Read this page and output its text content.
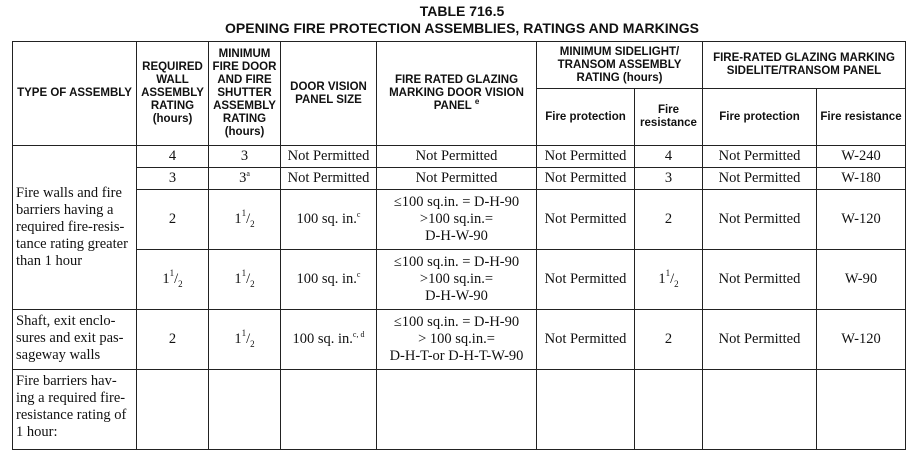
TABLE 716.5
OPENING FIRE PROTECTION ASSEMBLIES, RATINGS AND MARKINGS
TYPE OF ASSEMBLY	REQUIRED WALL ASSEMBLY RATING (hours)	MINIMUM FIRE DOOR AND FIRE SHUTTER ASSEMBLY RATING (hours)	DOOR VISION PANEL SIZE	FIRE RATED GLAZING MARKING DOOR VISION PANEL $^e$	MINIMUM SIDELIGHT/ TRANSOM ASSEMBLY RATING (hours)		FIRE-RATED GLAZING MARKING SIDELITE/TRANSOM PANEL	
					Fire protection	Fire resistance	Fire protection	Fire resistance
Fire walls and fire barriers having a required fire-resis-tance rating greater than 1 hour	4	3	Not Permitted	Not Permitted	Not Permitted	4	Not Permitted	W-240
	3	3$^a$	Not Permitted	Not Permitted	Not Permitted	3	Not Permitted	W-180
	2	$1^1/_2$	100 sq. in.$^c$	≤100 sq.in. = D-H-90
>100 sq.in.=
D-H-W-90	Not Permitted	2	Not Permitted	W-120
	$1^1/_2$	$1^1/_2$	100 sq. in.$^c$	≤100 sq.in. = D-H-90
>100 sq.in.=
D-H-W-90	Not Permitted	$1^1/_2$	Not Permitted	W-90
Shaft, exit enclo-sures and exit pas-sageway walls	2	$1^1/_2$	100 sq. in.$^{c, d}$	≤100 sq.in. = D-H-90
> 100 sq.in.=
D-H-T-or D-H-T-W-90	Not Permitted	2	Not Permitted	W-120
Fire barriers hav-ing a required fire-resistance rating of 1 hour:								
